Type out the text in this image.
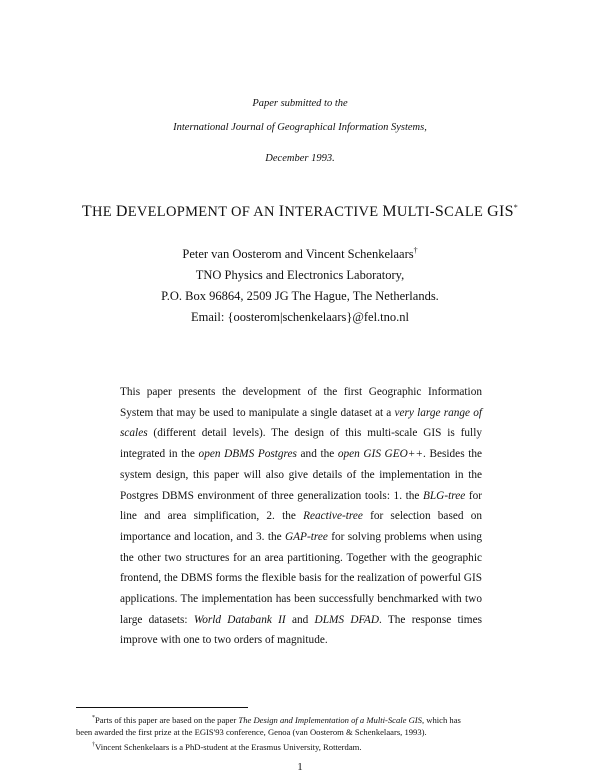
Paper submitted to the
International Journal of Geographical Information Systems,
December 1993.
THE DEVELOPMENT OF AN INTERACTIVE MULTI-SCALE GIS*
Peter van Oosterom and Vincent Schenkelaars†
TNO Physics and Electronics Laboratory,
P.O. Box 96864, 2509 JG The Hague, The Netherlands.
Email: {oosterom|schenkelaars}@fel.tno.nl
This paper presents the development of the first Geographic Information System that may be used to manipulate a single dataset at a very large range of scales (different detail levels). The design of this multi-scale GIS is fully integrated in the open DBMS Postgres and the open GIS GEO++. Besides the system design, this paper will also give details of the implementation in the Postgres DBMS environment of three generalization tools: 1. the BLG-tree for line and area simplification, 2. the Reactive-tree for selection based on importance and location, and 3. the GAP-tree for solving problems when using the other two structures for an area partitioning. Together with the geographic frontend, the DBMS forms the flexible basis for the realization of powerful GIS applications. The implementation has been successfully benchmarked with two large datasets: World Databank II and DLMS DFAD. The response times improve with one to two orders of magnitude.
*Parts of this paper are based on the paper The Design and Implementation of a Multi-Scale GIS, which has
been awarded the first prize at the EGIS'93 conference, Genoa (van Oosterom & Schenkelaars, 1993).
†Vincent Schenkelaars is a PhD-student at the Erasmus University, Rotterdam.
1
